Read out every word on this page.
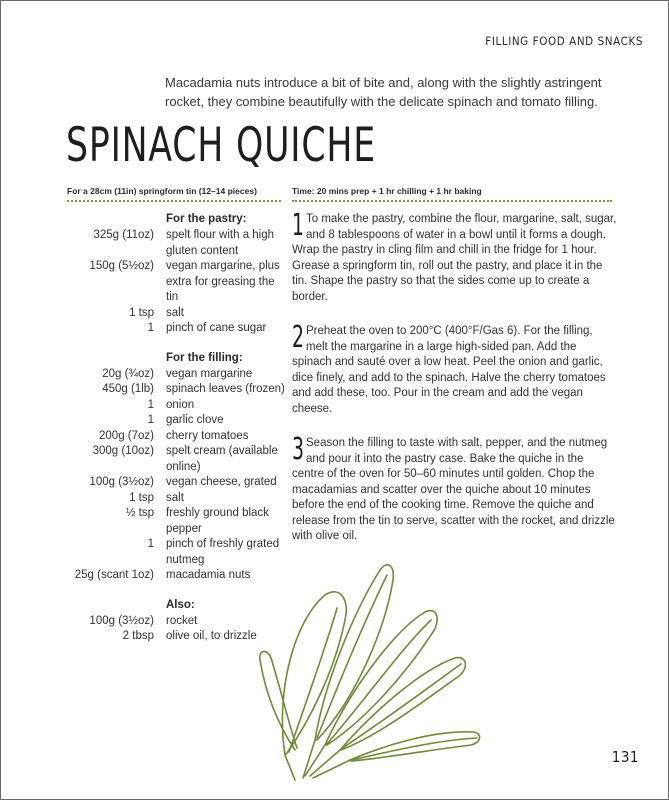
FILLING FOOD AND SNACKS
Macadamia nuts introduce a bit of bite and, along with the slightly astringent rocket, they combine beautifully with the delicate spinach and tomato filling.
SPINACH QUICHE
For a 28cm (11in) springform tin (12–14 pieces)	Time: 20 mins prep + 1 hr chilling + 1 hr baking
For the pastry:
325g (11oz)	spelt flour with a high gluten content
150g (5½oz)	vegan margarine, plus extra for greasing the tin
1 tsp	salt
1	pinch of cane sugar
For the filling:
20g (¾oz)	vegan margarine
450g (1lb)	spinach leaves (frozen)
1	onion
1	garlic clove
200g (7oz)	cherry tomatoes
300g (10oz)	spelt cream (available online)
100g (3½oz)	vegan cheese, grated
1 tsp	salt
½ tsp	freshly ground black pepper
1	pinch of freshly grated nutmeg
25g (scant 1oz)	macadamia nuts
Also:
100g (3½oz)	rocket
2 tbsp	olive oil, to drizzle
1 To make the pastry, combine the flour, margarine, salt, sugar, and 8 tablespoons of water in a bowl until it forms a dough. Wrap the pastry in cling film and chill in the fridge for 1 hour. Grease a springform tin, roll out the pastry, and place it in the tin. Shape the pastry so that the sides come up to create a border.
2 Preheat the oven to 200°C (400°F/Gas 6). For the filling, melt the margarine in a large high-sided pan. Add the spinach and sauté over a low heat. Peel the onion and garlic, dice finely, and add to the spinach. Halve the cherry tomatoes and add these, too. Pour in the cream and add the vegan cheese.
3 Season the filling to taste with salt, pepper, and the nutmeg and pour it into the pastry case. Bake the quiche in the centre of the oven for 50–60 minutes until golden. Chop the macadamias and scatter over the quiche about 10 minutes before the end of the cooking time. Remove the quiche and release from the tin to serve, scatter with the rocket, and drizzle with olive oil.
131
